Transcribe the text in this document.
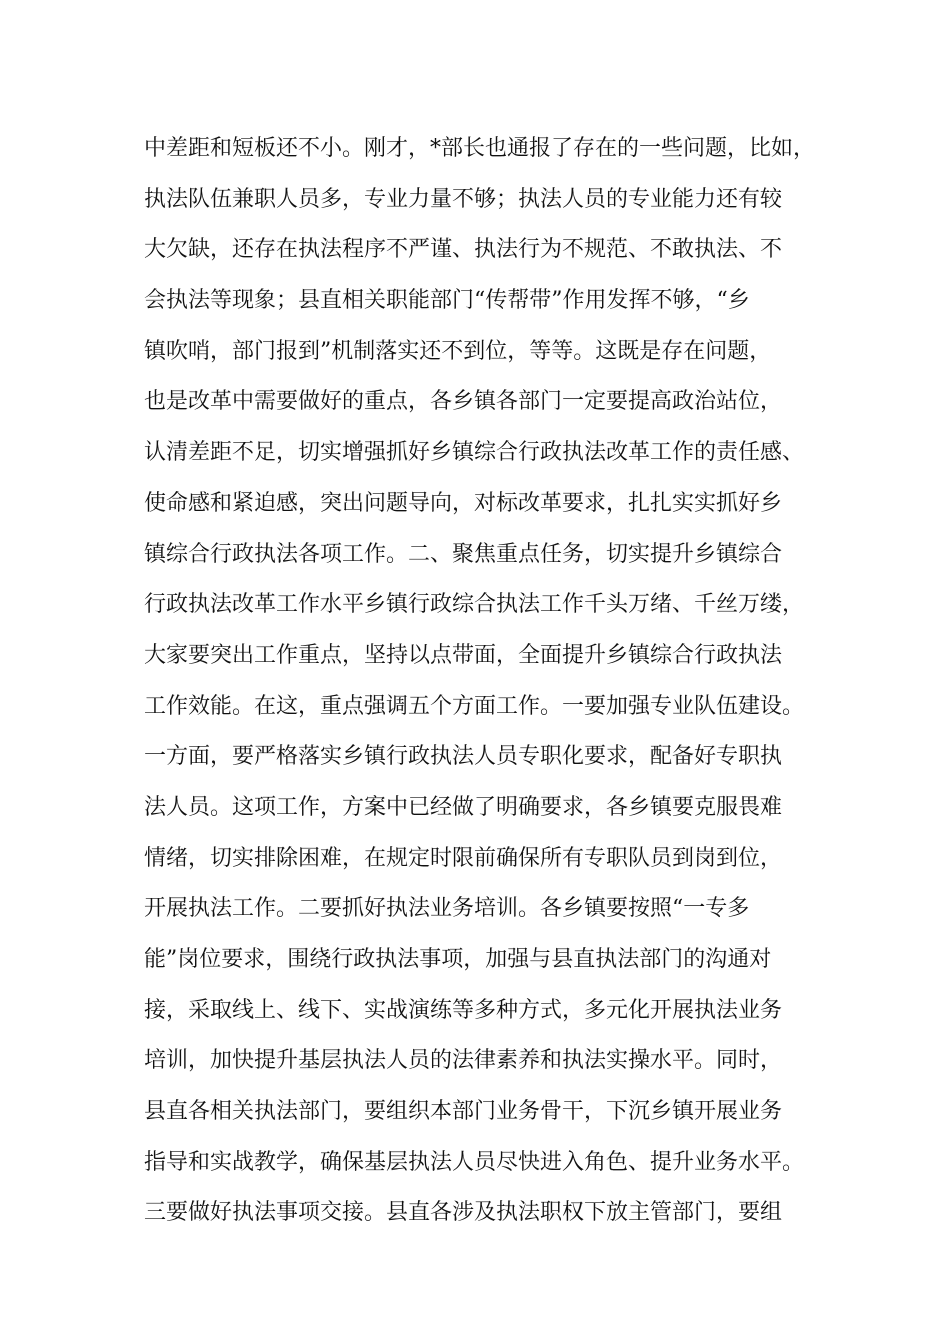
中差距和短板还不小。刚才，*部长也通报了存在的一些问题，比如，
执法队伍兼职人员多，专业力量不够；执法人员的专业能力还有较
大欠缺，还存在执法程序不严谨、执法行为不规范、不敢执法、不
会执法等现象；县直相关职能部门“传帮带”作用发挥不够，“乡
镇吹哨，部门报到”机制落实还不到位，等等。这既是存在问题，
也是改革中需要做好的重点，各乡镇各部门一定要提高政治站位，
认清差距不足，切实增强抓好乡镇综合行政执法改革工作的责任感、
使命感和紧迫感，突出问题导向，对标改革要求，扎扎实实抓好乡
镇综合行政执法各项工作。二、聚焦重点任务，切实提升乡镇综合
行政执法改革工作水平乡镇行政综合执法工作千头万绪、千丝万缕，
大家要突出工作重点，坚持以点带面，全面提升乡镇综合行政执法
工作效能。在这，重点强调五个方面工作。一要加强专业队伍建设。
一方面，要严格落实乡镇行政执法人员专职化要求，配备好专职执
法人员。这项工作，方案中已经做了明确要求，各乡镇要克服畏难
情绪，切实排除困难，在规定时限前确保所有专职队员到岗到位，
开展执法工作。二要抓好执法业务培训。各乡镇要按照“一专多
能”岗位要求，围绕行政执法事项，加强与县直执法部门的沟通对
接，采取线上、线下、实战演练等多种方式，多元化开展执法业务
培训，加快提升基层执法人员的法律素养和执法实操水平。同时，
县直各相关执法部门，要组织本部门业务骨干，下沉乡镇开展业务
指导和实战教学，确保基层执法人员尽快进入角色、提升业务水平。
三要做好执法事项交接。县直各涉及执法职权下放主管部门，要组
